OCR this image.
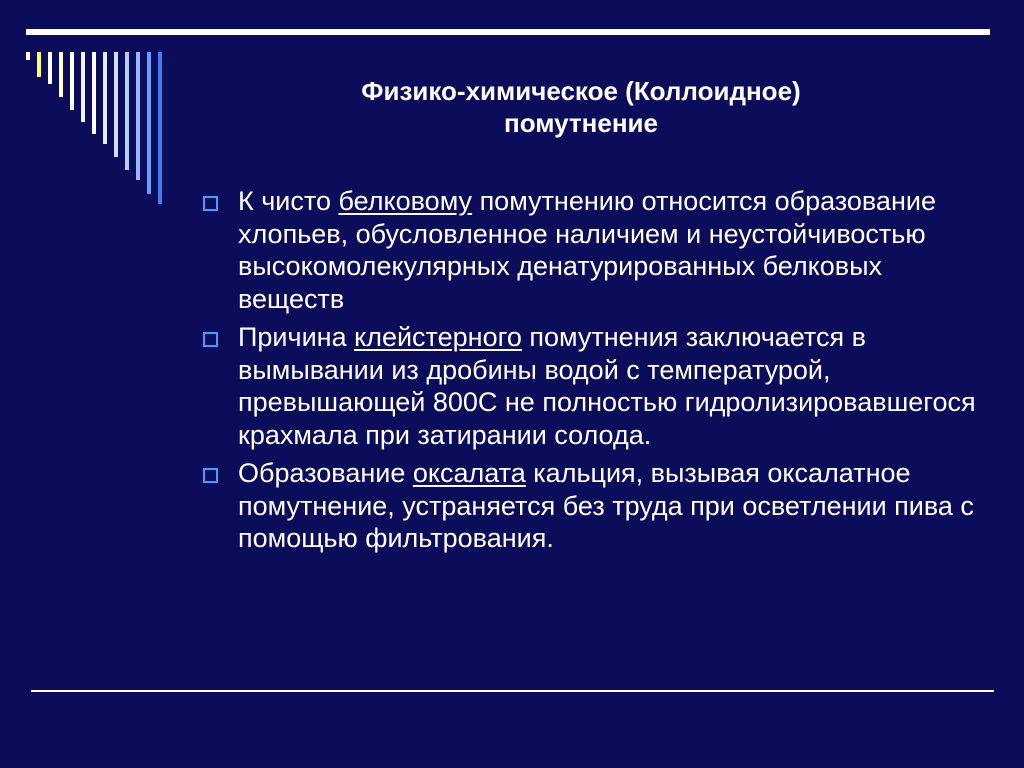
Физико-химическое (Коллоидное)
помутнение
К чисто белковому помутнению относится образование хлопьев, обусловленное наличием и неустойчивостью высокомолекулярных денатурированных белковых веществ
Причина клейстерного помутнения заключается в вымывании из дробины водой с температурой, превышающей 800С не полностью гидролизировавшегося крахмала при затирании солода.
Образование оксалата кальция, вызывая оксалатное помутнение, устраняется без труда при осветлении пива с помощью фильтрования.
